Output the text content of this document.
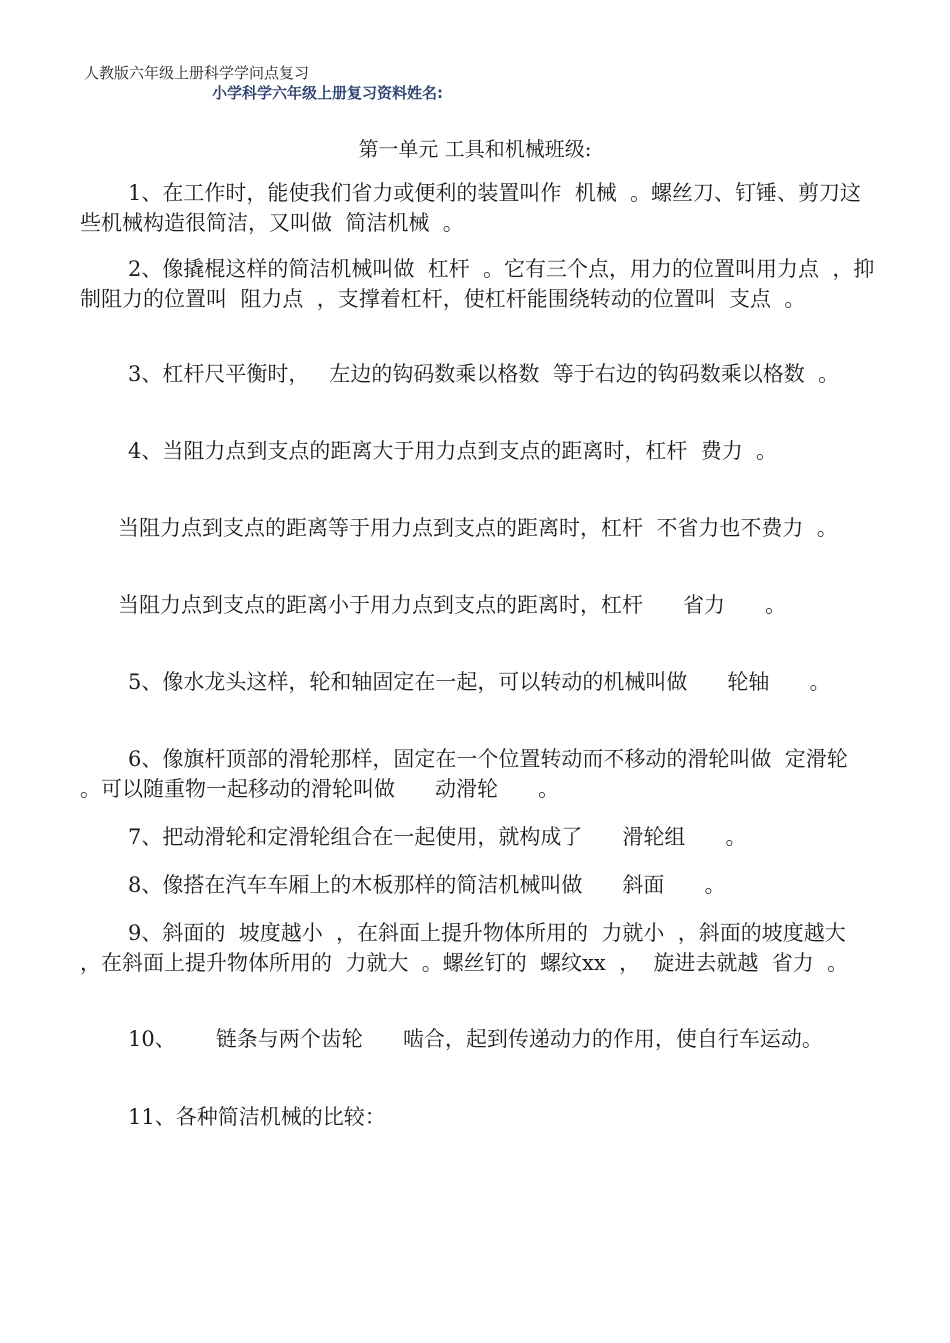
人教版六年级上册科学学问点复习
小学科学六年级上册复习资料姓名:
第一单元 工具和机械班级:

1、在工作时，能使我们省力或便利的装置叫作  机械  。螺丝刀、钉锤、剪刀这些机械构造很简洁，又叫做  简洁机械  。

2、像撬棍这样的简洁机械叫做  杠杆  。它有三个点，用力的位置叫用力点  ，抑制阻力的位置叫  阻力点  ，支撑着杠杆，使杠杆能围绕转动的位置叫  支点  。

3、杠杆尺平衡时，   左边的钩码数乘以格数  等于右边的钩码数乘以格数  。

4、当阻力点到支点的距离大于用力点到支点的距离时，杠杆  费力  。

当阻力点到支点的距离等于用力点到支点的距离时，杠杆  不省力也不费力  。

当阻力点到支点的距离小于用力点到支点的距离时，杠杆      省力      。

5、像水龙头这样，轮和轴固定在一起，可以转动的机械叫做      轮轴      。

6、像旗杆顶部的滑轮那样，固定在一个位置转动而不移动的滑轮叫做  定滑轮      。可以随重物一起移动的滑轮叫做      动滑轮      。

7、把动滑轮和定滑轮组合在一起使用，就构成了      滑轮组      。

8、像搭在汽车车厢上的木板那样的简洁机械叫做      斜面      。

9、斜面的  坡度越小  ，在斜面上提升物体所用的  力就小  ，斜面的坡度越大  ，在斜面上提升物体所用的  力就大  。螺丝钉的  螺纹xx  ，  旋进去就越  省力  。

10、      链条与两个齿轮      啮合，起到传递动力的作用，使自行车运动。

11、各种简洁机械的比较：
